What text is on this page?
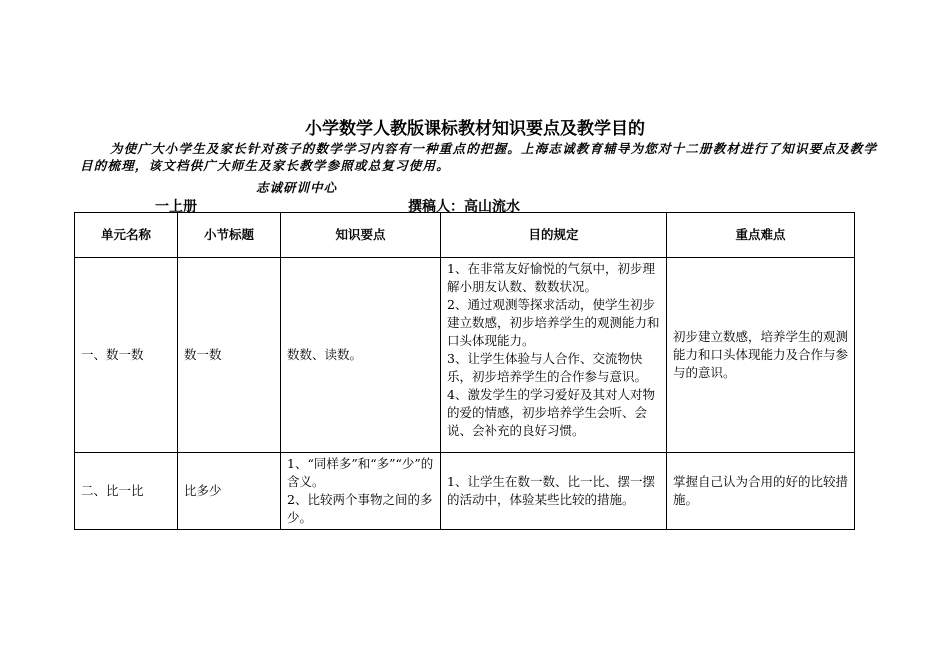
小学数学人教版课标教材知识要点及教学目的
为使广大小学生及家长针对孩子的数学学习内容有一种重点的把握。上海志诚教育辅导为您对十二册教材进行了知识要点及教学目的梳理，该文档供广大师生及家长教学参照或总复习使用。
志诚研训中心
一上册	撰稿人：高山流水
单元名称	小节标题	知识要点	目的规定	重点难点
一、数一数	数一数	数数、读数。	1、在非常友好愉悦的气氛中，初步理解小朋友认数、数数状况。

2、通过观测等探求活动，使学生初步建立数感，初步培养学生的观测能力和口头体现能力。

3、让学生体验与人合作、交流物快乐，初步培养学生的合作参与意识。

4、激发学生的学习爱好及其对人对物的爱的情感，初步培养学生会听、会说、会补充的良好习惯。	初步建立数感，培养学生的观测能力和口头体现能力及合作与参与的意识。
二、比一比	比多少	1、“同样多”和“多”“少”的含义。

2、比较两个事物之间的多少。	1、让学生在数一数、比一比、摆一摆的活动中，体验某些比较的措施。	掌握自己认为合用的好的比较措施。
